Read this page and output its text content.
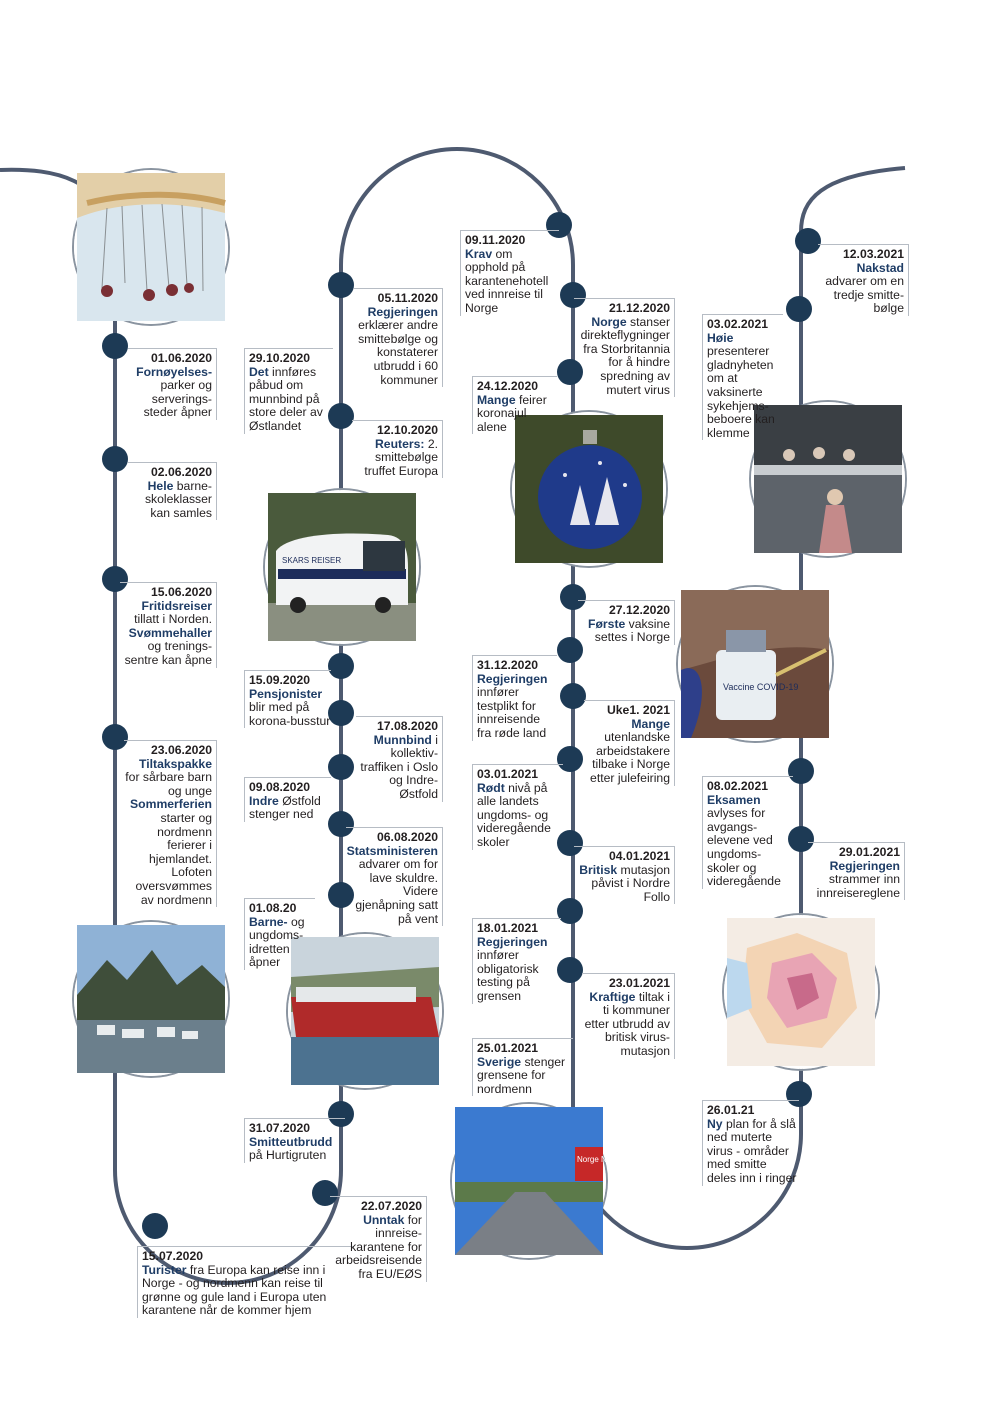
SKARS REISER
Vaccine COVID-19
Norge Noreg
01.06.2020
Fornøyelses- parker og serverings-steder åpner
02.06.2020
Hele barne-skoleklasser kan samles
15.06.2020
Fritidsreiser tillatt i Norden. Svømmehaller og trenings-sentre kan åpne
23.06.2020
Tiltakspakke for sårbare barn og unge Sommerferien starter og nordmenn ferierer i hjemlandet. Lofoten oversvømmes av nordmenn
15.07.2020
Turister fra Europa kan reise inn i Norge - og nordmenn kan reise til grønne og gule land i Europa uten karantene når de kommer hjem
22.07.2020
Unntak for innreise-karantene for arbeidsreisende fra EU/EØS
31.07.2020
Smitteutbrudd på Hurtigruten
01.08.20
Barne- og ungdoms-idretten åpner
06.08.2020
Statsministeren advarer om for lave skuldre. Videre gjenåpning satt på vent
09.08.2020
Indre Østfold stenger ned
17.08.2020
Munnbind i kollektiv-traffiken i Oslo og Indre-Østfold
15.09.2020
Pensjonister blir med på korona-busstur
12.10.2020
Reuters: 2. smittebølge truffet Europa
29.10.2020
Det innføres påbud om munnbind på store deler av Østlandet
05.11.2020
Regjeringen erklærer andre smittebølge og konstaterer utbrudd i 60 kommuner
09.11.2020
Krav om opphold på karantenehotell ved innreise til Norge	21.12.2020
Norge stanser direkteflygninger fra Storbritannia for å hindre spredning av mutert virus
24.12.2020
Mange feirer koronajul alene
27.12.2020
Første vaksine settes i Norge
31.12.2020
Regjeringen innfører testplikt for innreisende fra røde land
Uke1. 2021
Mange utenlandske arbeidstakere tilbake i Norge etter julefeiring
03.01.2021
Rødt nivå på alle landets ungdoms- og videregående skoler
04.01.2021
Britisk mutasjon påvist i Nordre Follo
18.01.2021
Regjeringen innfører obligatorisk testing på grensen
23.01.2021
Kraftige tiltak i ti kommuner etter utbrudd av britisk virus-mutasjon
25.01.2021
Sverige stenger grensene for nordmenn
26.01.21
Ny plan for å slå ned muterte virus - områder med smitte deles inn i ringer
29.01.2021
Regjeringen strammer inn innreisereglene
08.02.2021
Eksamen avlyses for avgangs-elevene ved ungdoms-skoler og videregående
03.02.2021
Høie presenterer gladnyheten om at vaksinerte sykehjems-beboere kan klemme
12.03.2021
Nakstad advarer om en tredje smitte-bølge
